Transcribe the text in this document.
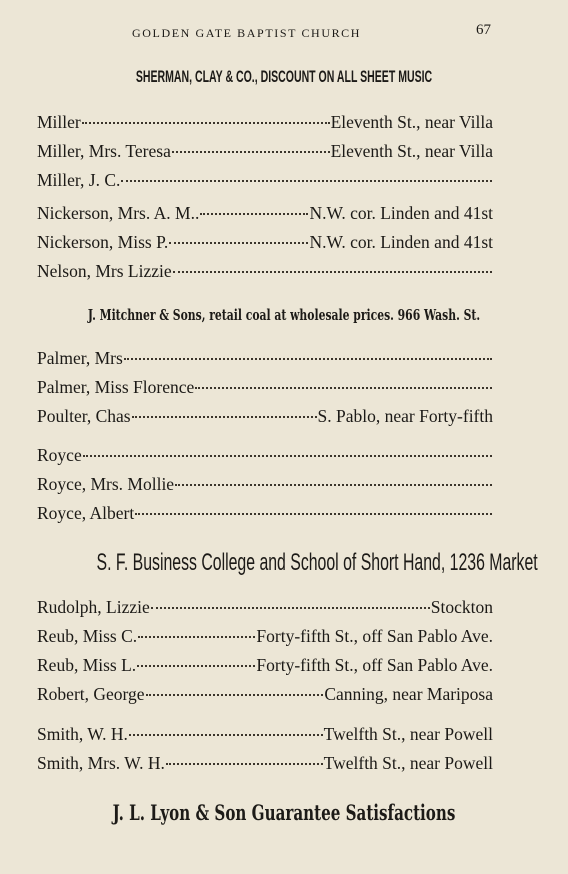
GOLDEN GATE BAPTIST CHURCH	67
SHERMAN, CLAY & CO., DISCOUNT ON ALL SHEET MUSIC
Miller	Eleventh St., near Villa
Miller, Mrs. Teresa	Eleventh St., near Villa
Miller, J. C.
Nickerson, Mrs. A. M..	N.W. cor. Linden and 41st
Nickerson, Miss P.	N.W. cor. Linden and 41st
Nelson, Mrs Lizzie
J. Mitchner & Sons, retail coal at wholesale prices. 966 Wash. St.
Palmer, Mrs
Palmer, Miss Florence
Poulter, Chas	S. Pablo, near Forty-fifth
Royce
Royce, Mrs. Mollie
Royce, Albert
S. F. Business College and School of Short Hand, 1236 Market
Rudolph, Lizzie	Stockton
Reub, Miss C.	Forty-fifth St., off San Pablo Ave.
Reub, Miss L.	Forty-fifth St., off San Pablo Ave.
Robert, George	Canning, near Mariposa
Smith, W. H.	Twelfth St., near Powell
Smith, Mrs. W. H.	Twelfth St., near Powell
J. L. Lyon & Son Guarantee Satisfactions
